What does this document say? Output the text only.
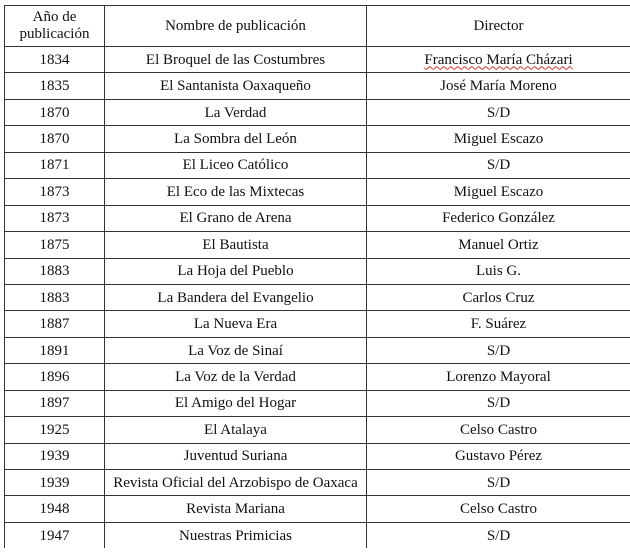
Año de publicación	Nombre de publicación	Director
1834	El Broquel de las Costumbres	Francisco María Cházari
1835	El Santanista Oaxaqueño	José María Moreno
1870	La Verdad	S/D
1870	La Sombra del León	Miguel Escazo
1871	El Liceo Católico	S/D
1873	El Eco de las Mixtecas	Miguel Escazo
1873	El Grano de Arena	Federico González
1875	El Bautista	Manuel Ortiz
1883	La Hoja del Pueblo	Luis G.
1883	La Bandera del Evangelio	Carlos Cruz
1887	La Nueva Era	F. Suárez
1891	La Voz de Sinaí	S/D
1896	La Voz de la Verdad	Lorenzo Mayoral
1897	El Amigo del Hogar	S/D
1925	El Atalaya	Celso Castro
1939	Juventud Suriana	Gustavo Pérez
1939	Revista Oficial del Arzobispo de Oaxaca	S/D
1948	Revista Mariana	Celso Castro
1947	Nuestras Primicias	S/D
